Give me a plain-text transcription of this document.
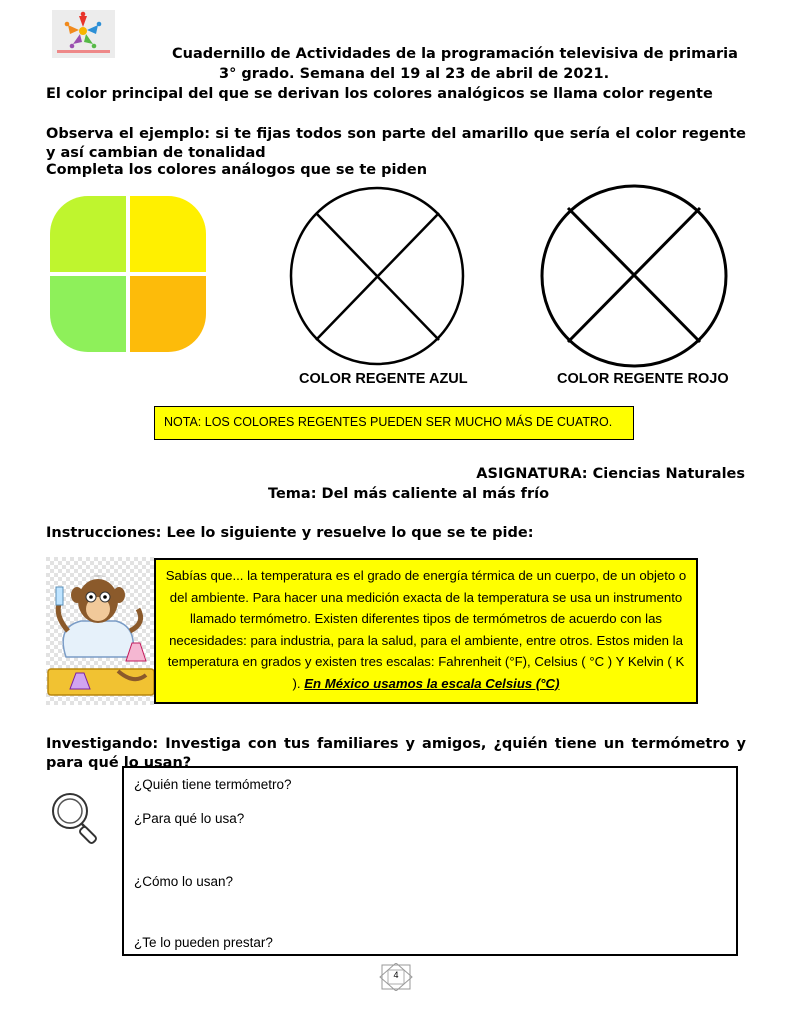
Cuadernillo de Actividades de la programación televisiva de primaria
3° grado. Semana del 19 al 23 de abril de 2021.
El color principal del que se derivan los colores analógicos se llama color regente
Observa el ejemplo: si te fijas todos son parte del amarillo que sería el color regente y así cambian de tonalidad
Completa los colores análogos que se te piden
COLOR REGENTE AZUL	COLOR REGENTE ROJO
NOTA: LOS COLORES REGENTES PUEDEN SER MUCHO MÁS DE CUATRO.
ASIGNATURA: Ciencias Naturales
Tema: Del más caliente al más frío
Instrucciones: Lee lo siguiente y resuelve lo que se te pide:
Sabías que... la temperatura es el grado de energía térmica de un cuerpo, de un objeto o del ambiente. Para hacer una medición exacta de la temperatura se usa un instrumento llamado termómetro. Existen diferentes tipos de termómetros de acuerdo con las necesidades: para industria, para la salud, para el ambiente, entre otros. Estos miden la temperatura en grados y existen tres escalas: Fahrenheit (°F), Celsius ( °C ) Y Kelvin ( K ). En México usamos la escala Celsius (°C)
Investigando: Investiga con tus familiares y amigos, ¿quién tiene un termómetro y para qué lo usan?
¿Quién tiene termómetro?
¿Para qué lo usa?
¿Cómo lo usan?
¿Te lo pueden prestar?
4
